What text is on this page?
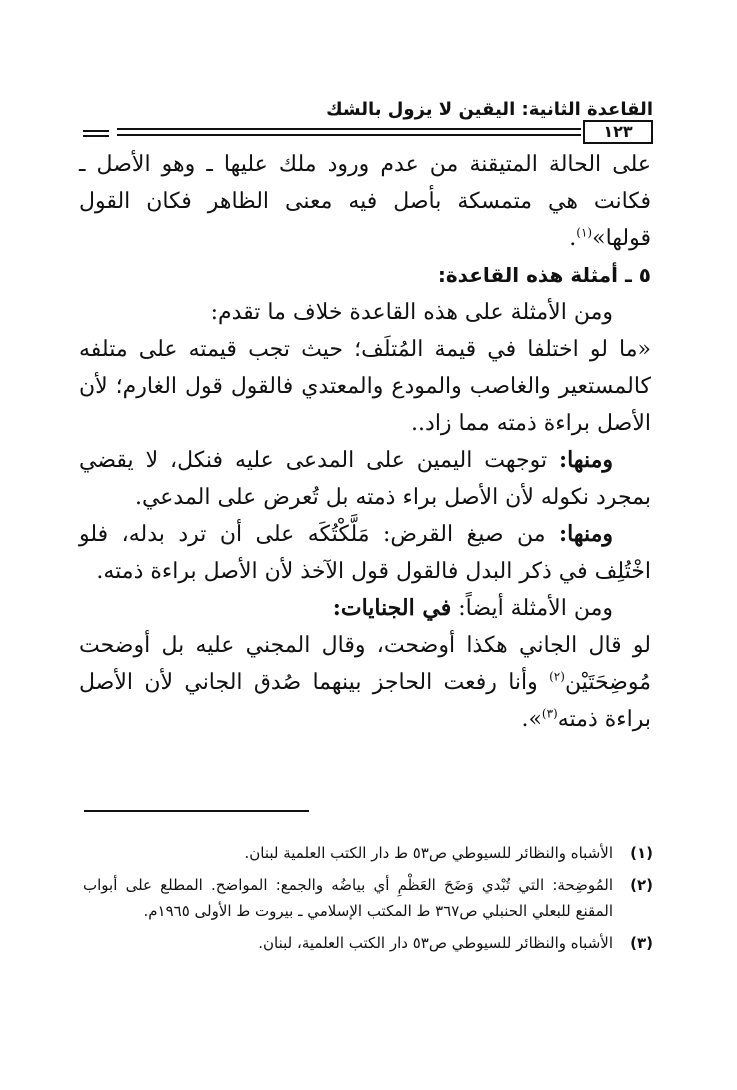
القاعدة الثانية: اليقين لا يزول بالشك
١٢٣

على الحالة المتيقنة من عدم ورود ملك عليها ـ وهو الأصل ـ فكانت هي متمسكة بأصل فيه معنى الظاهر فكان القول قولها»$^{(١)}$.

٥ ـ أمثلة هذه القاعدة:

ومن الأمثلة على هذه القاعدة خلاف ما تقدم:

«ما لو اختلفا في قيمة المُتلَف؛ حيث تجب قيمته على متلفه كالمستعير والغاصب والمودع والمعتدي فالقول قول الغارم؛ لأن الأصل براءة ذمته مما زاد..

ومنها: توجهت اليمين على المدعى عليه فنكل، لا يقضي بمجرد نكوله لأن الأصل براء ذمته بل تُعرض على المدعي.

ومنها: من صيغ القرض: مَلَّكْتُكَه على أن ترد بدله، فلو اخْتُلِف في ذكر البدل فالقول قول الآخذ لأن الأصل براءة ذمته.

ومن الأمثلة أيضاً: في الجنايات:

لو قال الجاني هكذا أوضحت، وقال المجني عليه بل أوضحت مُوضِحَتَيْن$^{(٢)}$ وأنا رفعت الحاجز بينهما صُدق الجاني لأن الأصل براءة ذمته$^{(٣)}$».

(١)
الأشباه والنظائر للسيوطي ص٥٣ ط دار الكتب العلمية لبنان.
(٢)
المُوضِحة: التي تُبْدي وَضَحَ العَظْمِ أي بياضُه والجمع: المواضح. المطلع على أبواب المقنع للبعلي الحنبلي ص٣٦٧ ط المكتب الإسلامي ـ بيروت ط الأولى ١٩٦٥م.
(٣)
الأشباه والنظائر للسيوطي ص٥٣ دار الكتب العلمية، لبنان.
